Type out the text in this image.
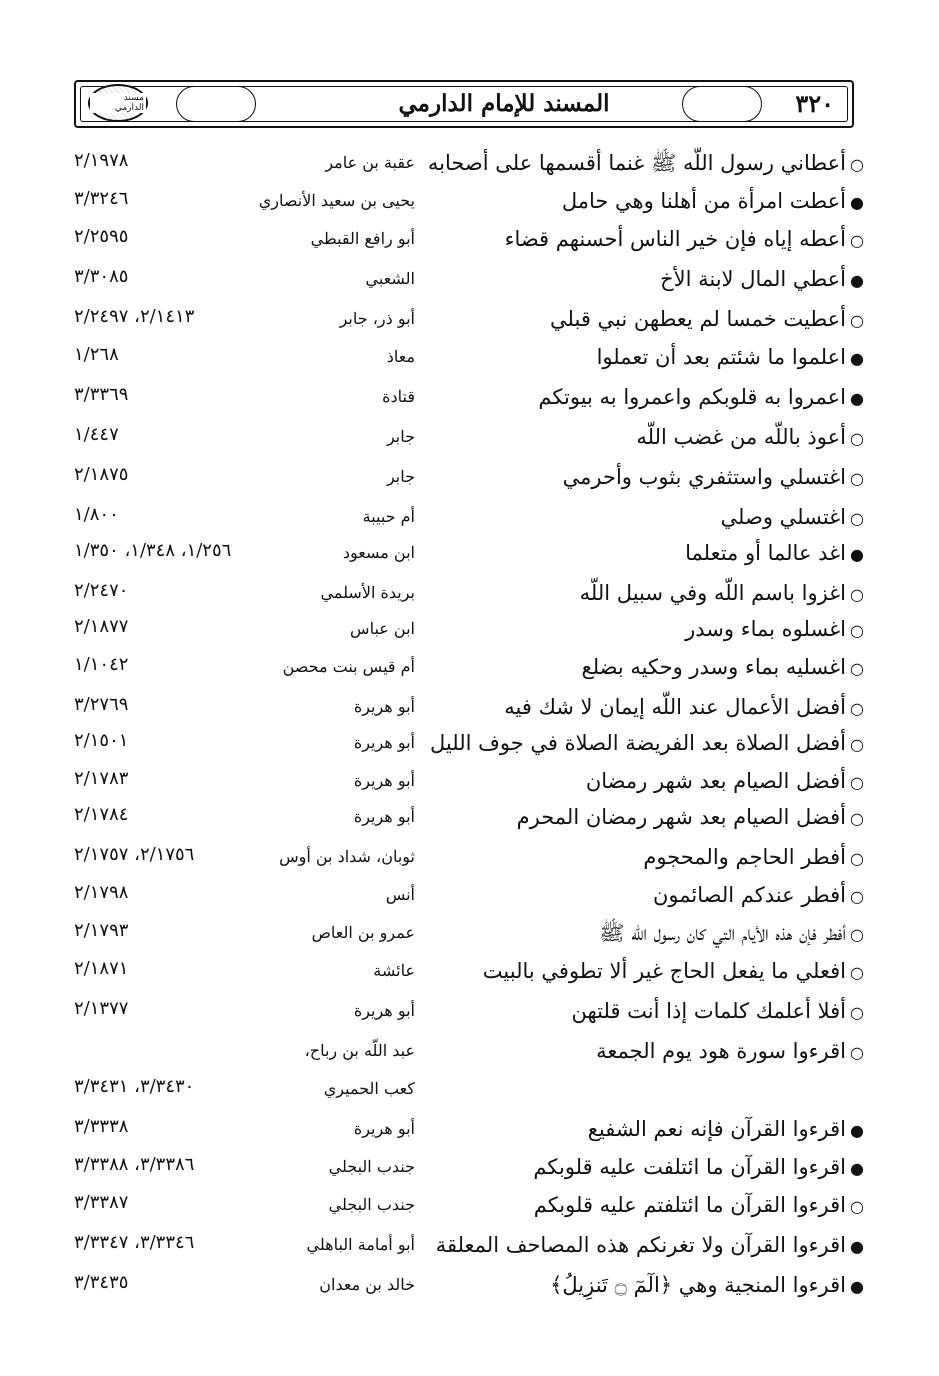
مسند الدارمي	المسند للإمام الدارمي	٣٢٠
○أعطاني رسول اللّه ﷺ غنما أقسمها على أصحابه
عقبة بن عامر
٢/١٩٧٨
●أعطت امرأة من أهلنا وهي حامل
يحيى بن سعيد الأنصاري
٣/٣٢٤٦
○أعطه إياه فإن خير الناس أحسنهم قضاء
أبو رافع القبطي
٢/٢٥٩٥
●أعطي المال لابنة الأخ
الشعبي
٣/٣٠٨٥
○أعطيت خمسا لم يعطهن نبي قبلي
أبو ذر، جابر
٢/١٤١٣، ٢/٢٤٩٧
●اعلموا ما شئتم بعد أن تعملوا
معاذ
١/٢٦٨
●اعمروا به قلوبكم واعمروا به بيوتكم
قتادة
٣/٣٣٦٩
○أعوذ باللّه من غضب اللّه
جابر
١/٤٤٧
○اغتسلي واستثفري بثوب وأحرمي
جابر
٢/١٨٧٥
○اغتسلي وصلي
أم حبيبة
١/٨٠٠
●اغد عالما أو متعلما
ابن مسعود
١/٢٥٦، ١/٣٤٨، ١/٣٥٠
○اغزوا باسم اللّه وفي سبيل اللّه
بريدة الأسلمي
٢/٢٤٧٠
○اغسلوه بماء وسدر
ابن عباس
٢/١٨٧٧
○اغسليه بماء وسدر وحكيه بضلع
أم قيس بنت محصن
١/١٠٤٢
○أفضل الأعمال عند اللّه إيمان لا شك فيه
أبو هريرة
٣/٢٧٦٩
○أفضل الصلاة بعد الفريضة الصلاة في جوف الليل
أبو هريرة
٢/١٥٠١
○أفضل الصيام بعد شهر رمضان
أبو هريرة
٢/١٧٨٣
○أفضل الصيام بعد شهر رمضان المحرم
أبو هريرة
٢/١٧٨٤
○أفطر الحاجم والمحجوم
ثوبان، شداد بن أوس
٢/١٧٥٦، ٢/١٧٥٧
○أفطر عندكم الصائمون
أنس
٢/١٧٩٨
○أفطر فإن هذه الأيام التي كان رسول اللّه ﷺ
عمرو بن العاص
٢/١٧٩٣
○افعلي ما يفعل الحاج غير ألا تطوفي بالبيت
عائشة
٢/١٨٧١
○أفلا أعلمك كلمات إذا أنت قلتهن
أبو هريرة
٢/١٣٧٧
○اقرءوا سورة هود يوم الجمعة
عبد اللّه بن رباح،
كعب الحميري
٣/٣٤٣٠، ٣/٣٤٣١
●اقرءوا القرآن فإنه نعم الشفيع
أبو هريرة
٣/٣٣٣٨
●اقرءوا القرآن ما ائتلفت عليه قلوبكم
جندب البجلي
٣/٣٣٨٦، ٣/٣٣٨٨
○اقرءوا القرآن ما ائتلفتم عليه قلوبكم
جندب البجلي
٣/٣٣٨٧
●اقرءوا القرآن ولا تغرنكم هذه المصاحف المعلقة
أبو أمامة الباهلي
٣/٣٣٤٦، ٣/٣٣٤٧
●اقرءوا المنجية وهي ﴿الٓمٓ ۝ تَنزِيلُ﴾
خالد بن معدان
٣/٣٤٣٥
